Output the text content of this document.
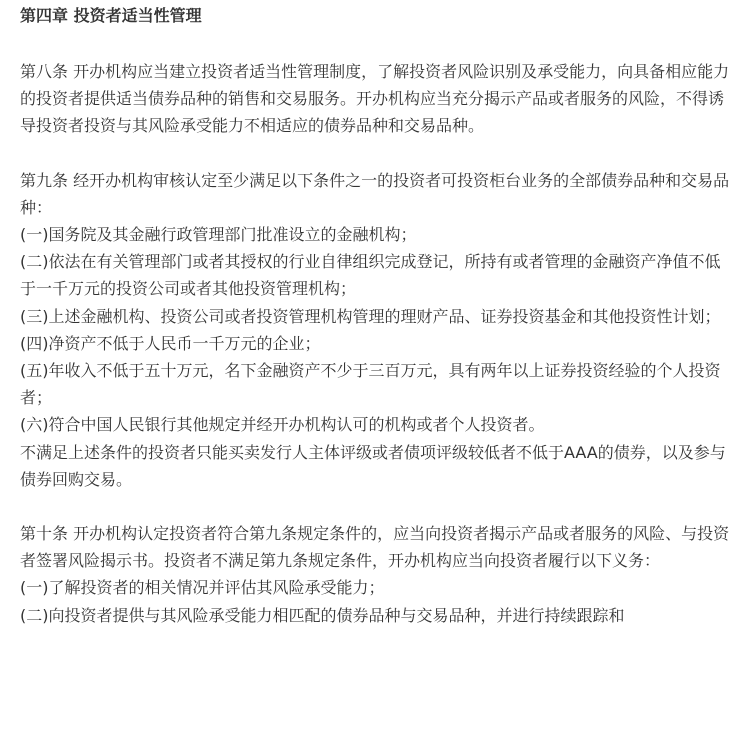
第四章 投资者适当性管理

第八条 开办机构应当建立投资者适当性管理制度，了解投资者风险识别及承受能力，向具备相应能力的投资者提供适当债券品种的销售和交易服务。开办机构应当充分揭示产品或者服务的风险，不得诱导投资者投资与其风险承受能力不相适应的债券品种和交易品种。

第九条 经开办机构审核认定至少满足以下条件之一的投资者可投资柜台业务的全部债券品种和交易品种：
(一)国务院及其金融行政管理部门批准设立的金融机构；
(二)依法在有关管理部门或者其授权的行业自律组织完成登记，所持有或者管理的金融资产净值不低于一千万元的投资公司或者其他投资管理机构；
(三)上述金融机构、投资公司或者投资管理机构管理的理财产品、证券投资基金和其他投资性计划；
(四)净资产不低于人民币一千万元的企业；
(五)年收入不低于五十万元，名下金融资产不少于三百万元，具有两年以上证券投资经验的个人投资者；
(六)符合中国人民银行其他规定并经开办机构认可的机构或者个人投资者。
不满足上述条件的投资者只能买卖发行人主体评级或者债项评级较低者不低于AAA的债券，以及参与债券回购交易。
第十条 开办机构认定投资者符合第九条规定条件的，应当向投资者揭示产品或者服务的风险、与投资者签署风险揭示书。投资者不满足第九条规定条件，开办机构应当向投资者履行以下义务：
(一)了解投资者的相关情况并评估其风险承受能力；
(二)向投资者提供与其风险承受能力相匹配的债券品种与交易品种，并进行持续跟踪和
